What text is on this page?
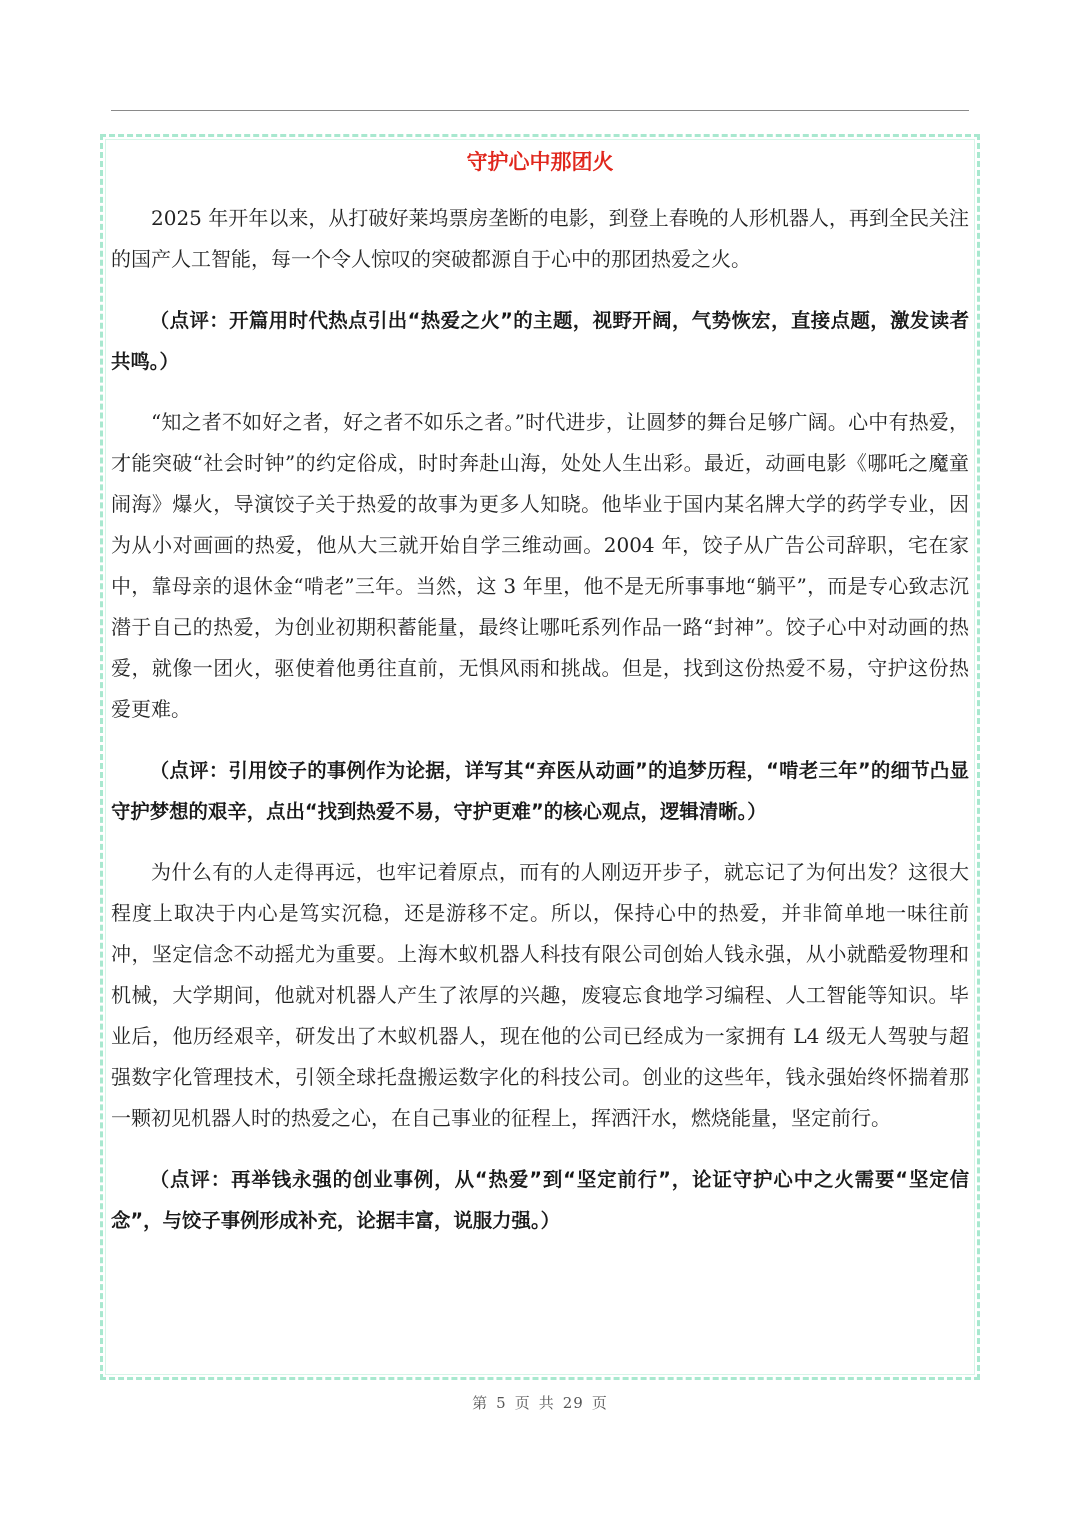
守护心中那团火

2025 年开年以来，从打破好莱坞票房垄断的电影，到登上春晚的人形机器人，再到全民关注的国产人工智能，每一个令人惊叹的突破都源自于心中的那团热爱之火。

（点评：开篇用时代热点引出“热爱之火”的主题，视野开阔，气势恢宏，直接点题，激发读者共鸣。）

“知之者不如好之者，好之者不如乐之者。”时代进步，让圆梦的舞台足够广阔。心中有热爱，才能突破“社会时钟”的约定俗成，时时奔赴山海，处处人生出彩。最近，动画电影《哪吒之魔童闹海》爆火，导演饺子关于热爱的故事为更多人知晓。他毕业于国内某名牌大学的药学专业，因为从小对画画的热爱，他从大三就开始自学三维动画。2004 年，饺子从广告公司辞职，宅在家中，靠母亲的退休金“啃老”三年。当然，这 3 年里，他不是无所事事地“躺平”，而是专心致志沉潜于自己的热爱，为创业初期积蓄能量，最终让哪吒系列作品一路“封神”。饺子心中对动画的热爱，就像一团火，驱使着他勇往直前，无惧风雨和挑战。但是，找到这份热爱不易，守护这份热爱更难。

（点评：引用饺子的事例作为论据，详写其“弃医从动画”的追梦历程，“啃老三年”的细节凸显守护梦想的艰辛，点出“找到热爱不易，守护更难”的核心观点，逻辑清晰。）

为什么有的人走得再远，也牢记着原点，而有的人刚迈开步子，就忘记了为何出发？这很大程度上取决于内心是笃实沉稳，还是游移不定。所以，保持心中的热爱，并非简单地一味往前冲，坚定信念不动摇尤为重要。上海木蚁机器人科技有限公司创始人钱永强，从小就酷爱物理和机械，大学期间，他就对机器人产生了浓厚的兴趣，废寝忘食地学习编程、人工智能等知识。毕业后，他历经艰辛，研发出了木蚁机器人，现在他的公司已经成为一家拥有 L4 级无人驾驶与超强数字化管理技术，引领全球托盘搬运数字化的科技公司。创业的这些年，钱永强始终怀揣着那一颗初见机器人时的热爱之心，在自己事业的征程上，挥洒汗水，燃烧能量，坚定前行。

（点评：再举钱永强的创业事例，从“热爱”到“坚定前行”，论证守护心中之火需要“坚定信念”，与饺子事例形成补充，论据丰富，说服力强。）

第 5 页 共 29 页
